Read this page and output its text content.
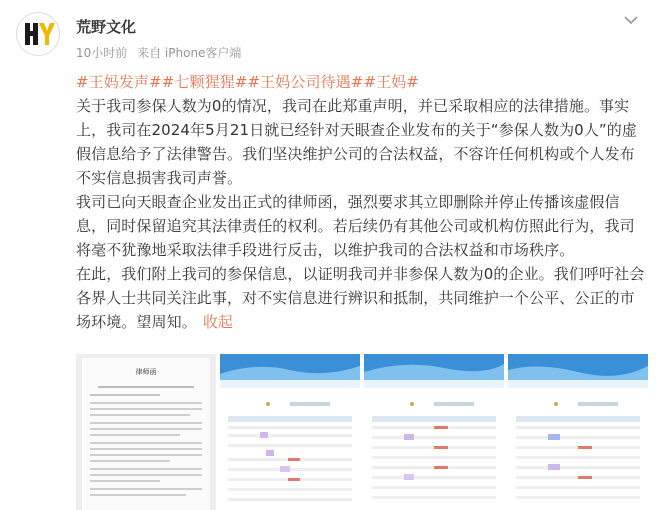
荒野文化
10小时前 来自 iPhone客户端

#王妈发声##七颗猩猩##王妈公司待遇##王妈#

关于我司参保人数为0的情况，我司在此郑重声明，并已采取相应的法律措施。事实上，我司在2024年5月21日就已经针对天眼查企业发布的关于“参保人数为0人”的虚假信息给予了法律警告。我们坚决维护公司的合法权益，不容许任何机构或个人发布不实信息损害我司声誉。

我司已向天眼查企业发出正式的律师函，强烈要求其立即删除并停止传播该虚假信息，同时保留追究其法律责任的权利。若后续仍有其他公司或机构仿照此行为，我司将毫不犹豫地采取法律手段进行反击，以维护我司的合法权益和市场秩序。

在此，我们附上我司的参保信息，以证明我司并非参保人数为0的企业。我们呼吁社会各界人士共同关注此事，对不实信息进行辨识和抵制，共同维护一个公平、公正的市场环境。望周知。 收起

律师函
